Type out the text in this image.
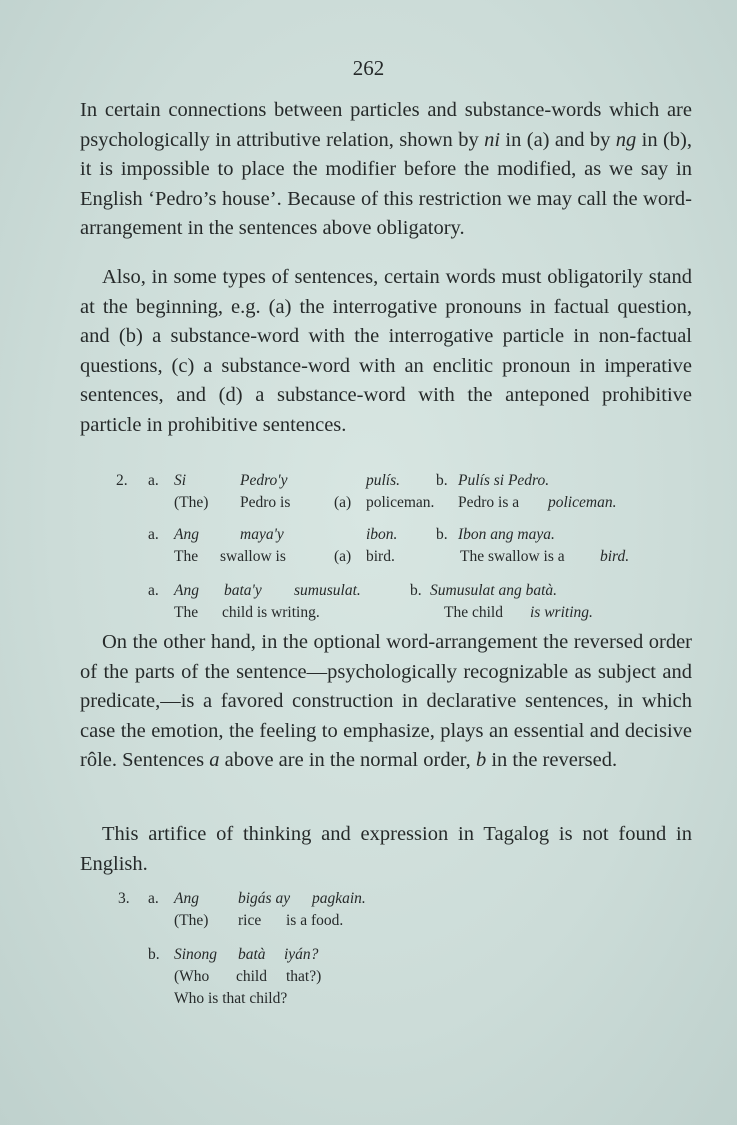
262

In certain connections between particles and substance-words which are psychologically in attributive relation, shown by ni in (a) and by ng in (b), it is impossible to place the modifier before the modified, as we say in English ‘Pedro’s house’. Because of this restriction we may call the word-arrangement in the sentences above obligatory.

Also, in some types of sentences, certain words must obligatorily stand at the beginning, e.g. (a) the interrogative pronouns in factual question, and (b) a substance-word with the interrogative particle in non-factual questions, (c) a substance-word with an enclitic pronoun in imperative sentences, and (d) a substance-word with the anteponed prohibitive particle in prohibitive sentences.

2. a. Si	Pedro'y	pulís. b. Pulís si Pedro.
(The) Pedro is	(a) policeman. Pedro is a policeman.
a. Ang	maya'y	ibon. b. Ibon ang maya.
The swallow is	(a) bird.	The swallow is a bird.
a. Ang bata'y sumusulat.	b. Sumusulat ang batà.
The child is writing.	The child is writing.

On the other hand, in the optional word-arrangement the reversed order of the parts of the sentence—psychologically recognizable as subject and predicate,—is a favored construction in declarative sentences, in which case the emotion, the feeling to emphasize, plays an essential and decisive rôle. Sentences a above are in the normal order, b in the reversed.

This artifice of thinking and expression in Tagalog is not found in English.

3. a. Ang	bigás ay pagkain.
(The) rice is a food.
b. Sinong batà iyán?
(Who child that?)
Who is that child?
